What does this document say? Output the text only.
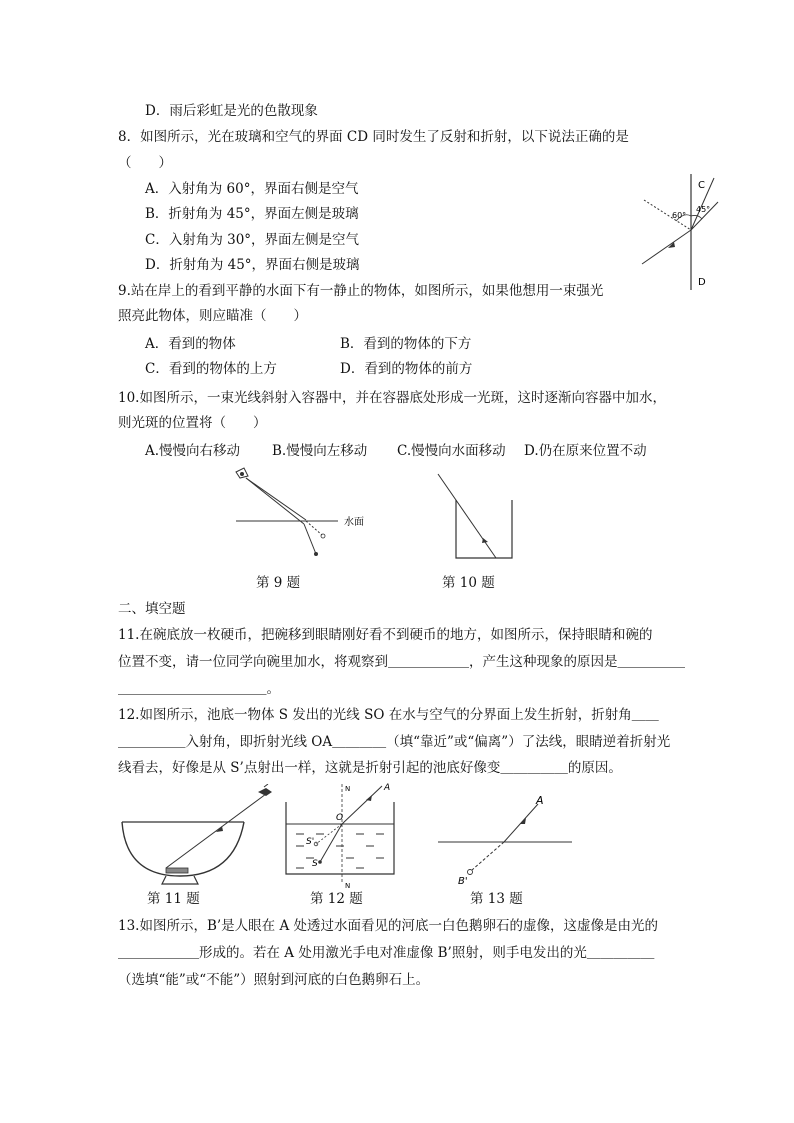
D．雨后彩虹是光的色散现象
8．如图所示，光在玻璃和空气的界面 CD 同时发生了反射和折射，以下说法正确的是
（　　）
A．入射角为 60°，界面右侧是空气
B．折射角为 45°，界面左侧是玻璃
C．入射角为 30°，界面左侧是空气
D．折射角为 45°，界面右侧是玻璃
C
D
60°
45°
9.站在岸上的看到平静的水面下有一静止的物体，如图所示，如果他想用一束强光
照亮此物体，则应瞄准（　　）
A．看到的物体	B．看到的物体的下方
C．看到的物体的上方	D．看到的物体的前方
10.如图所示，一束光线斜射入容器中，并在容器底处形成一光斑，这时逐渐向容器中加水，
则光斑的位置将（　　）
A.慢慢向右移动 B.慢慢向左移动 C.慢慢向水面移动 D.仍在原来位置不动
水面
第 9 题	第 10 题
二、填空题
11.在碗底放一枚硬币，把碗移到眼睛刚好看不到硬币的地方，如图所示，保持眼睛和碗的
位置不变，请一位同学向碗里加水，将观察到＿＿＿＿＿＿，产生这种现象的原因是＿＿＿＿＿
＿＿＿＿＿＿＿＿＿＿＿。
12.如图所示，池底一物体 S 发出的光线 SO 在水与空气的分界面上发生折射，折射角＿＿
＿＿＿＿＿入射角，即折射光线 OA＿＿＿＿（填“靠近”或“偏离”）了法线，眼睛逆着折射光
线看去，好像是从 S’点射出一样，这就是折射引起的池底好像变＿＿＿＿＿的原因。
A
O
S
S'
N
N
A
B'
第 11 题	第 12 题	第 13 题
13.如图所示，B’是人眼在 A 处透过水面看见的河底一白色鹅卵石的虚像，这虚像是由光的
＿＿＿＿＿＿形成的。若在 A 处用激光手电对准虚像 B’照射，则手电发出的光＿＿＿＿＿
（选填“能”或“不能”）照射到河底的白色鹅卵石上。
